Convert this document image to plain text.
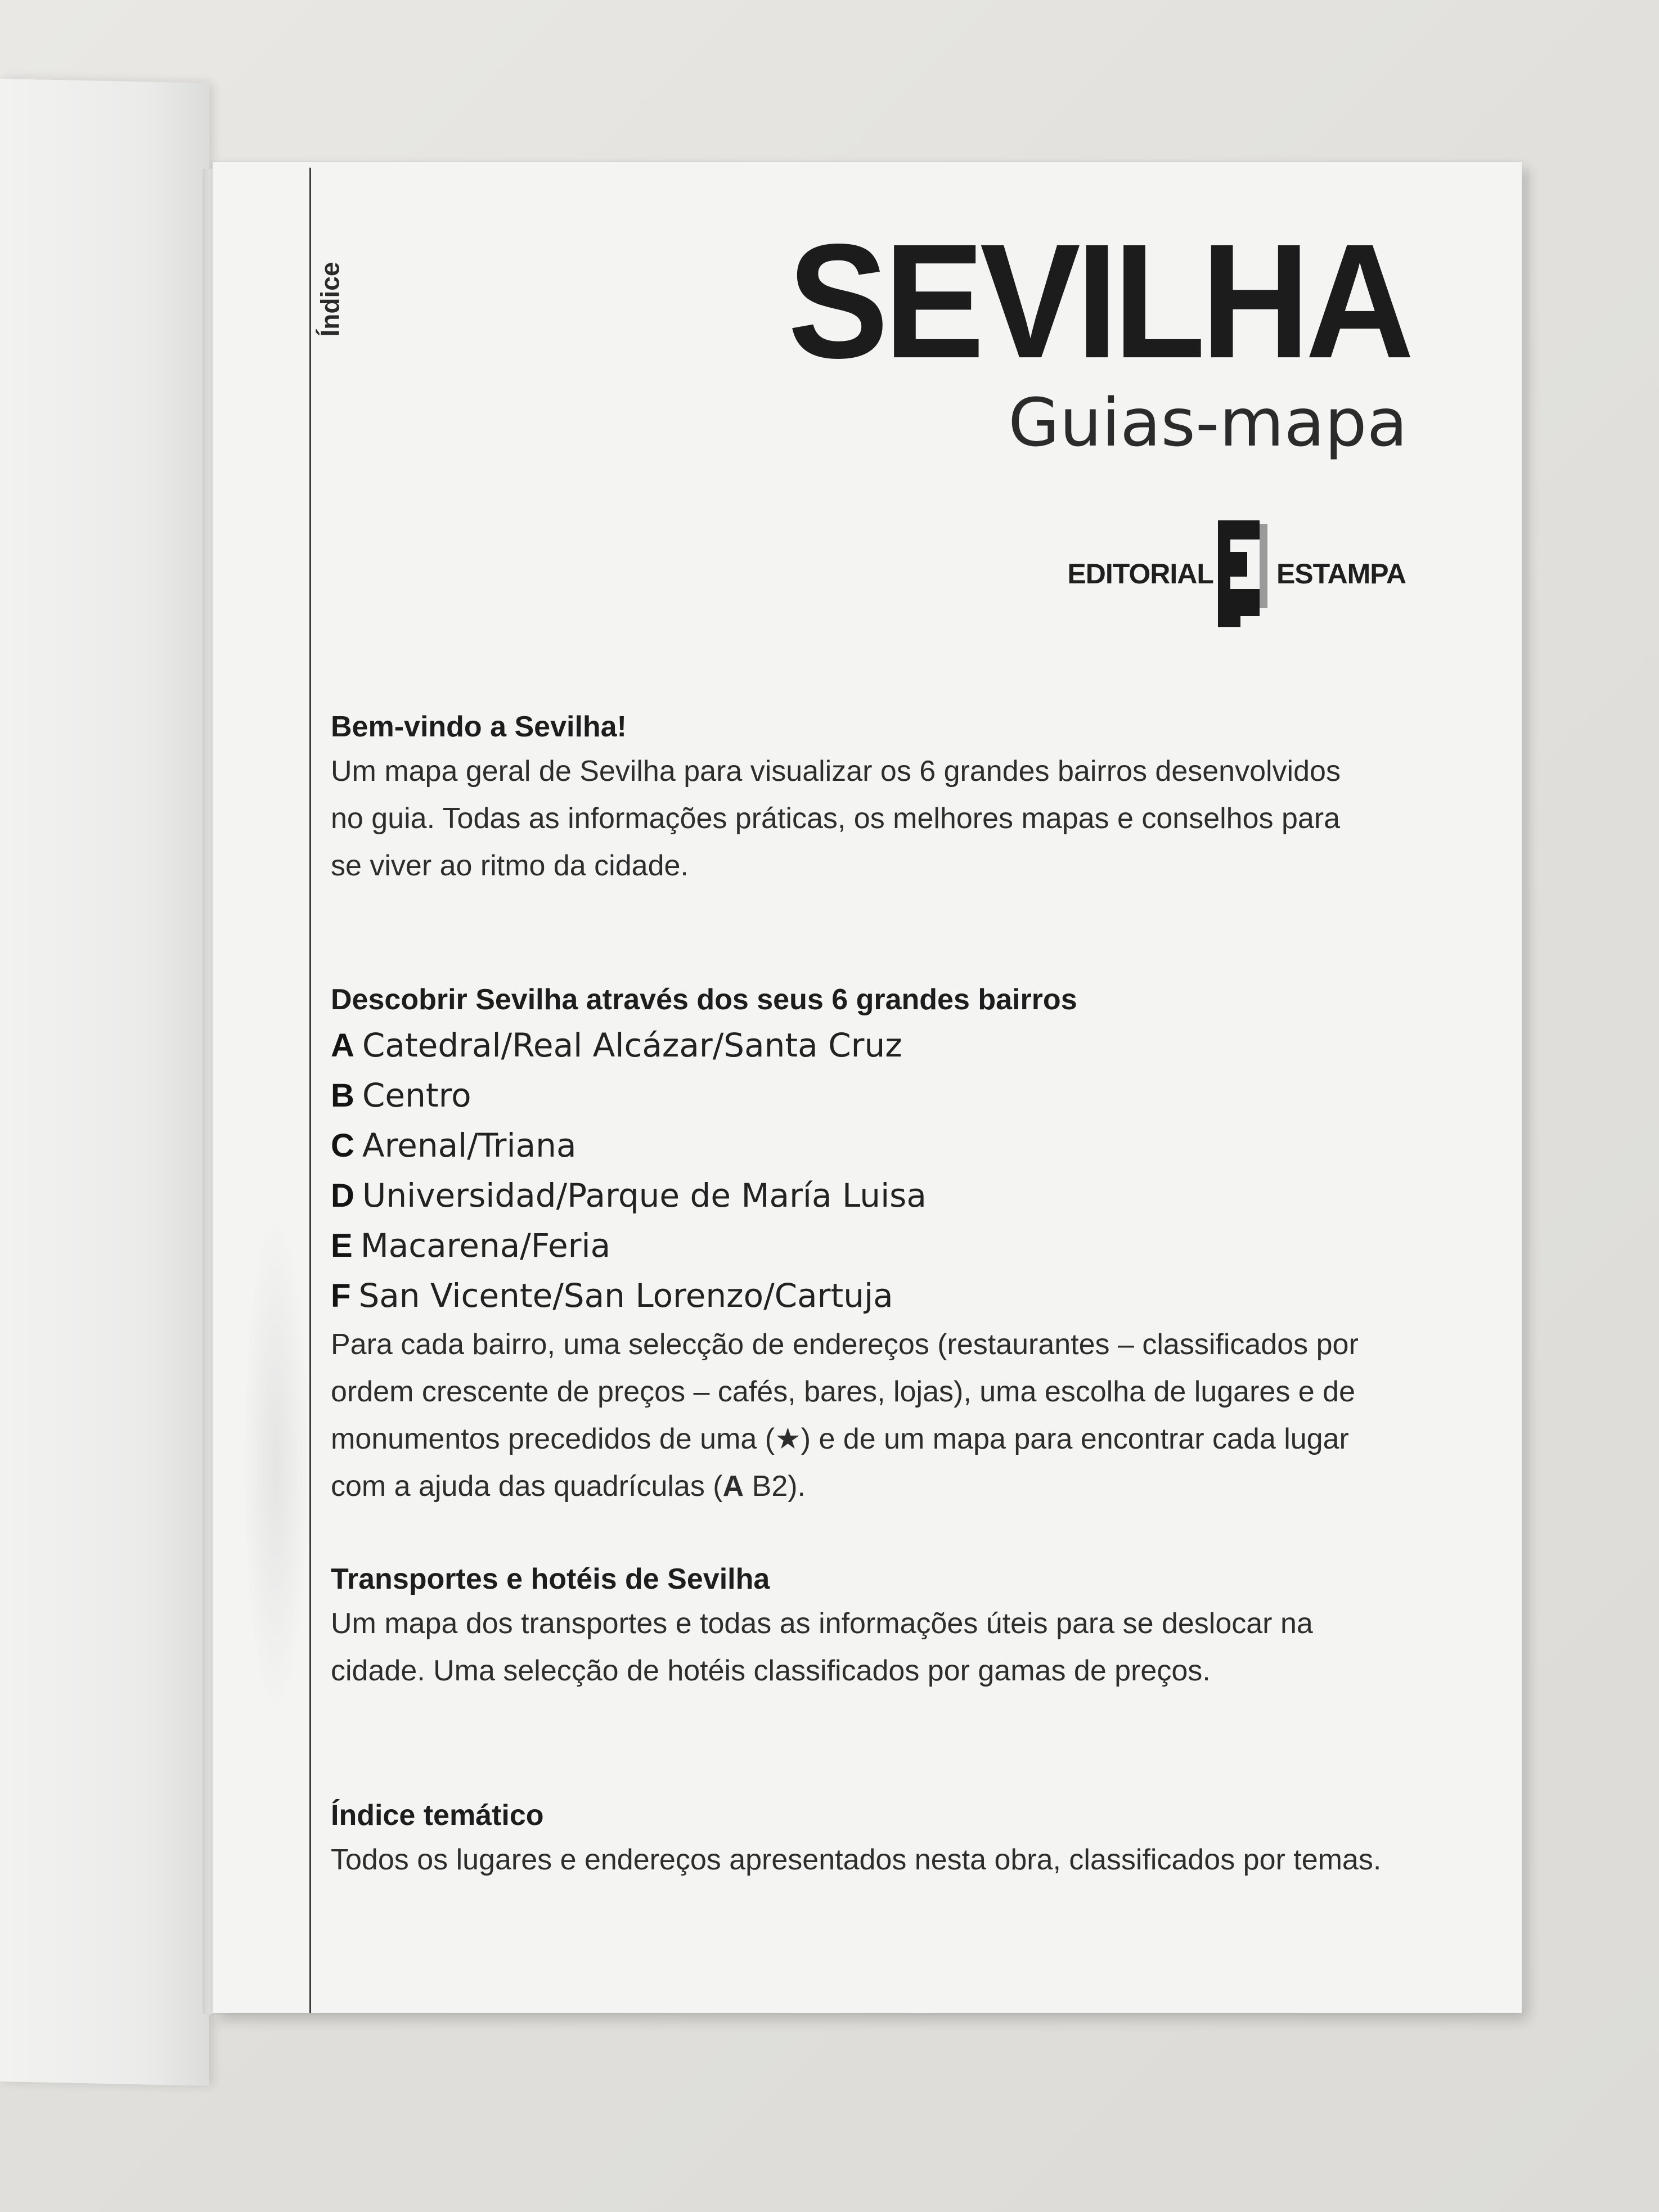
Índice	SEVILHA
Guias-mapa
EDITORIAL ESTAMPA

Bem-vindo a Sevilha!

Um mapa geral de Sevilha para visualizar os 6 grandes bairros desenvolvidos

no guia. Todas as informações práticas, os melhores mapas e conselhos para

se viver ao ritmo da cidade.

Descobrir Sevilha através dos seus 6 grandes bairros

A Catedral/Real Alcázar/Santa Cruz

B Centro

C Arenal/Triana

D Universidad/Parque de María Luisa

E Macarena/Feria

F San Vicente/San Lorenzo/Cartuja

Para cada bairro, uma selecção de endereços (restaurantes – classificados por

ordem crescente de preços – cafés, bares, lojas), uma escolha de lugares e de

monumentos precedidos de uma (★) e de um mapa para encontrar cada lugar

com a ajuda das quadrículas (A B2).

Transportes e hotéis de Sevilha

Um mapa dos transportes e todas as informações úteis para se deslocar na

cidade. Uma selecção de hotéis classificados por gamas de preços.

Índice temático

Todos os lugares e endereços apresentados nesta obra, classificados por temas.
